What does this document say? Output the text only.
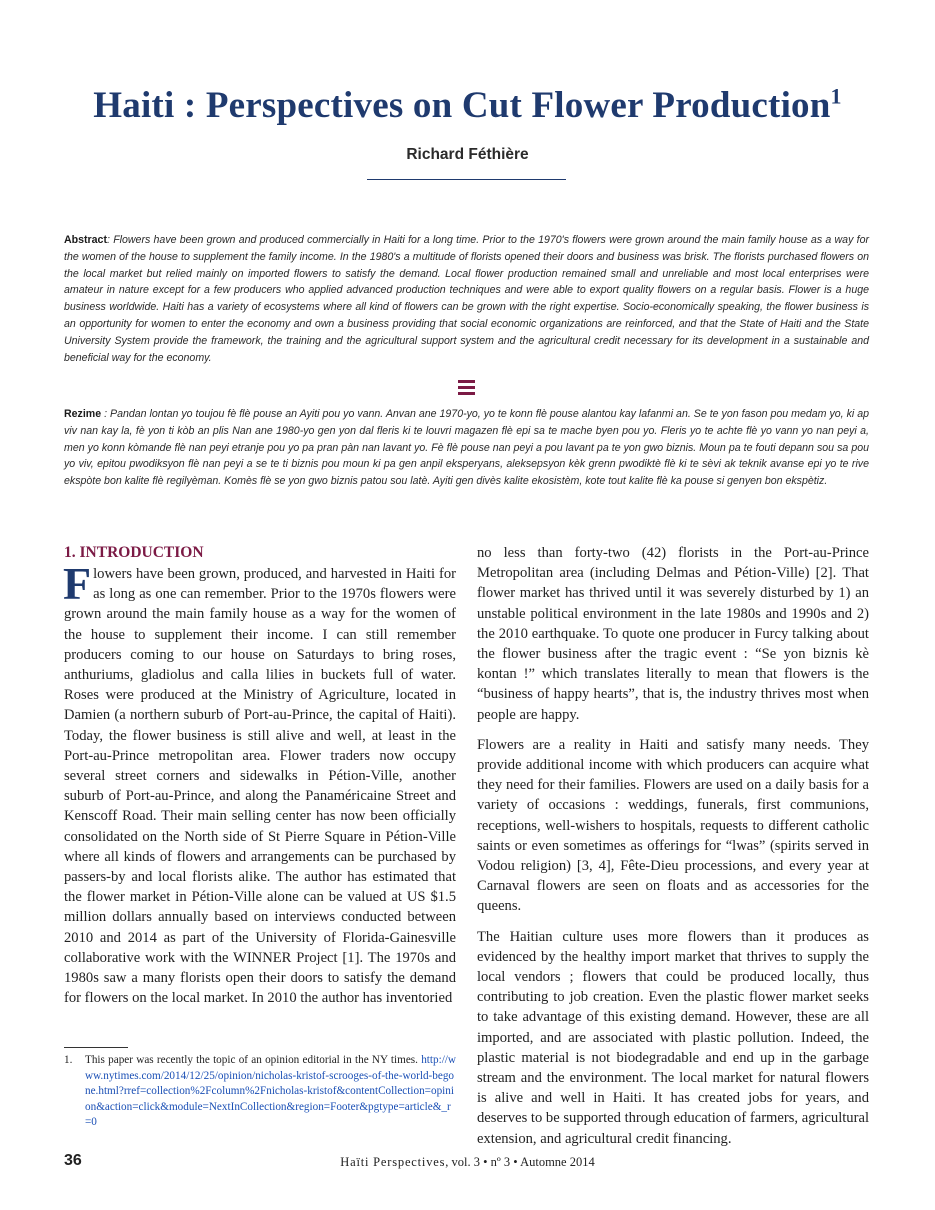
Haiti : Perspectives on Cut Flower Production$^1$
Richard Féthière

Abstract: Flowers have been grown and produced commercially in Haiti for a long time. Prior to the 1970's flowers were grown around the main family house as a way for the women of the house to supplement the family income. In the 1980's a multitude of florists opened their doors and business was brisk. The florists purchased flowers on the local market but relied mainly on imported flowers to satisfy the demand. Local flower production remained small and unreliable and most local enterprises were amateur in nature except for a few producers who applied advanced production techniques and were able to export quality flowers on a regular basis. Flower is a huge business worldwide. Haiti has a variety of ecosystems where all kind of flowers can be grown with the right expertise. Socio-economically speaking, the flower business is an opportunity for women to enter the economy and own a business providing that social economic organizations are reinforced, and that the State of Haiti and the State University System provide the framework, the training and the agricultural support system and the agricultural credit necessary for its development in a sustainable and beneficial way for the economy.

Rezime : Pandan lontan yo toujou fè flè pouse an Ayiti pou yo vann. Anvan ane 1970-yo, yo te konn flè pouse alantou kay lafanmi an. Se te yon fason pou medam yo, ki ap viv nan kay la, fè yon ti kòb an plis Nan ane 1980-yo gen yon dal fleris ki te louvri magazen flè epi sa te mache byen pou yo. Fleris yo te achte flè yo vann yo nan peyi a, men yo konn kòmande flè nan peyi etranje pou yo pa pran pàn nan lavant yo. Fè flè pouse nan peyi a pou lavant pa te yon gwo biznis. Moun pa te fouti depann sou sa pou yo viv, epitou pwodiksyon flè nan peyi a se te ti biznis pou moun ki pa gen anpil eksperyans, aleksepsyon kèk grenn pwodiktè flè ki te sèvi ak teknik avanse epi yo te rive ekspòte bon kalite flè regilyèman. Komès flè se yon gwo biznis patou sou latè. Ayiti gen divès kalite ekosistèm, kote tout kalite flè ka pouse si genyen bon ekspètiz.

1. INTRODUCTION

Flowers have been grown, produced, and harvested in Haiti for as long as one can remember. Prior to the 1970s flowers were grown around the main family house as a way for the women of the house to supplement their income. I can still remember producers coming to our house on Saturdays to bring roses, anthuriums, gladiolus and calla lilies in buckets full of water. Roses were produced at the Ministry of Agriculture, located in Damien (a northern suburb of Port-au-Prince, the capital of Haiti). Today, the flower business is still alive and well, at least in the Port-au-Prince metropolitan area. Flower traders now occupy several street corners and sidewalks in Pétion-Ville, another suburb of Port-au-Prince, and along the Panaméricaine Street and Kenscoff Road. Their main selling center has now been officially consolidated on the North side of St Pierre Square in Pétion-Ville where all kinds of flowers and arrangements can be purchased by passers-by and local florists alike. The author has estimated that the flower market in Pétion-Ville alone can be valued at US $1.5 million dollars annually based on interviews conducted between 2010 and 2014 as part of the University of Florida-Gainesville collaborative work with the WINNER Project [1]. The 1970s and 1980s saw a many florists open their doors to satisfy the demand for flowers on the local market. In 2010 the author has inventoried

no less than forty-two (42) florists in the Port-au-Prince Metropolitan area (including Delmas and Pétion-Ville) [2]. That flower market has thrived until it was severely disturbed by 1) an unstable political environment in the late 1980s and 1990s and 2) the 2010 earthquake. To quote one producer in Furcy talking about the flower business after the tragic event : “Se yon biznis kè kontan !” which translates literally to mean that flowers is the “business of happy hearts”, that is, the industry thrives most when people are happy.

Flowers are a reality in Haiti and satisfy many needs. They provide additional income with which producers can acquire what they need for their families. Flowers are used on a daily basis for a variety of occasions : weddings, funerals, first communions, receptions, well-wishers to hospitals, requests to different catholic saints or even sometimes as offerings for “lwas” (spirits served in Vodou religion) [3, 4], Fête-Dieu processions, and every year at Carnaval flowers are seen on floats and as accessories for the queens.

The Haitian culture uses more flowers than it produces as evidenced by the healthy import market that thrives to supply the local vendors ; flowers that could be produced locally, thus contributing to job creation. Even the plastic flower market seeks to take advantage of this existing demand. However, these are all imported, and are associated with plastic pollution. Indeed, the plastic material is not biodegradable and end up in the garbage stream and the environment. The local market for natural flowers is alive and well in Haiti. It has created jobs for years, and deserves to be supported through education of farmers, agricultural extension, and agricultural credit financing.

1.	This paper was recently the topic of an opinion editorial in the NY times. http://www.nytimes.com/2014/12/25/opinion/nicholas-kristof-scrooges-of-the-world-begone.html?rref=collection%2Fcolumn%2Fnicholas-kristof&contentCollection=opinion&action=click&module=NextInCollection&region=Footer&pgtype=article&_r=0

36	Haïti Perspectives, vol. 3 • nº 3 • Automne 2014
